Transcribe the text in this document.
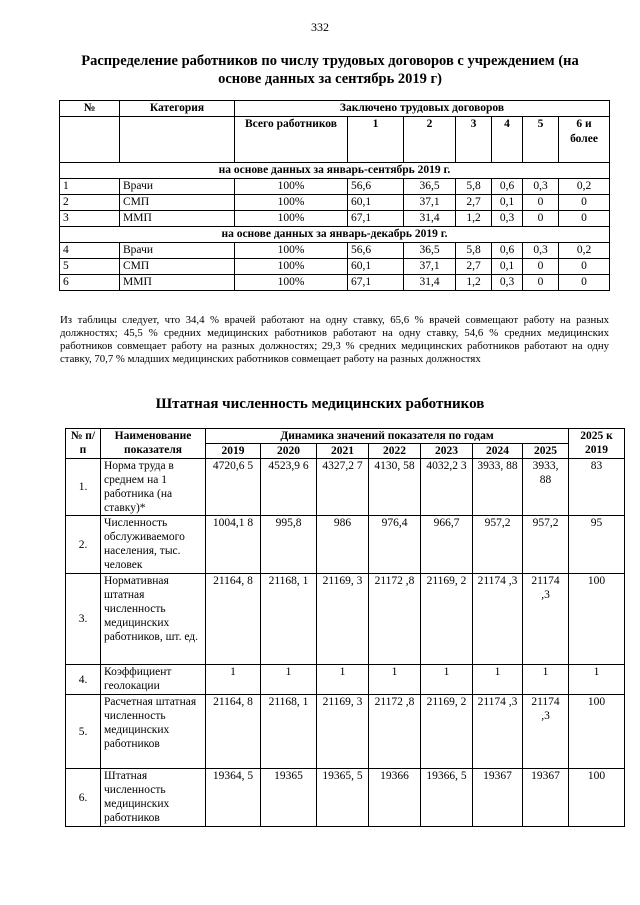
332
Распределение работников по числу трудовых договоров с учреждением (на
основе данных за сентябрь 2019 г)
№	Категория	Заключено трудовых договоров						
		Всего работников	1	2	3	4	5	6 и
более

на основе данных за январь-сентябрь 2019 г.								
1	Врачи	100%	56,6	36,5	5,8	0,6	0,3	0,2
2	СМП	100%	60,1	37,1	2,7	0,1	0	0
3	ММП	100%	67,1	31,4	1,2	0,3	0	0
на основе данных за январь-декабрь 2019 г.								
4	Врачи	100%	56,6	36,5	5,8	0,6	0,3	0,2
5	СМП	100%	60,1	37,1	2,7	0,1	0	0
6	ММП	100%	67,1	31,4	1,2	0,3	0	0
Из таблицы следует, что 34,4 % врачей работают на одну ставку, 65,6 % врачей совмещают работу на разных должностях; 45,5 % средних медицинских работников работают на одну ставку, 54,6 % средних медицинских работников совмещает работу на разных должностях; 29,3 % средних медицинских работников работают на одну ставку, 70,7 % младших медицинских работников совмещает работу на разных должностях
Штатная численность медицинских работников
№ п/п	Наименование показателя	Динамика значений показателя по годам							2025 к 2019
		2019	2020	2021	2022	2023	2024	2025	
1.	Норма труда в среднем на 1 работника (на ставку)*	4720,6 5	4523,9 6	4327,2 7	4130, 58	4032,2 3	3933, 88	3933, 88	83
2.	Численность обслуживаемого населения, тыс. человек	1004,1 8	995,8	986	976,4	966,7	957,2	957,2	95
3.	Нормативная штатная численность медицинских работников, шт. ед.	21164, 8	21168, 1	21169, 3	21172 ,8	21169, 2	21174 ,3	21174 ,3	100
4.	Коэффициент геолокации	1	1	1	1	1	1	1	1
5.	Расчетная штатная численность медицинских работников	21164, 8	21168, 1	21169, 3	21172 ,8	21169, 2	21174 ,3	21174 ,3	100
6.	Штатная численность медицинских работников	19364, 5	19365	19365, 5	19366	19366, 5	19367	19367	100
